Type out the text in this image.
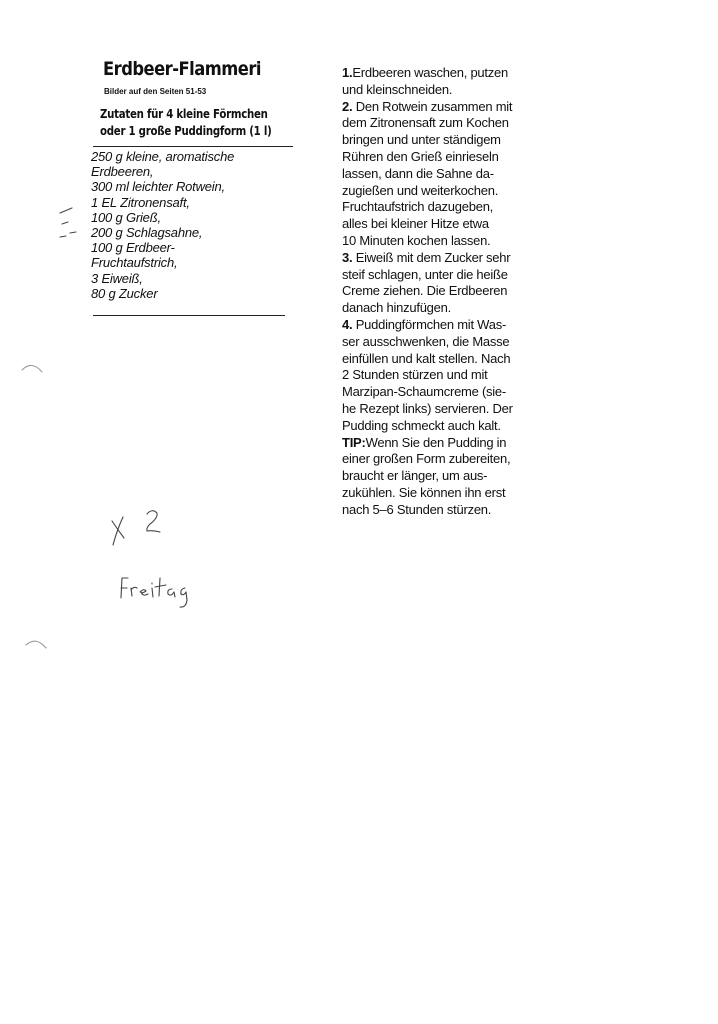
Erdbeer-Flammeri
Bilder auf den Seiten 51-53
Zutaten für 4 kleine Förmchen
oder 1 große Puddingform (1 l)
250 g kleine, aromatische
Erdbeeren,
300 ml leichter Rotwein,
1 EL Zitronensaft,
100 g Grieß,
200 g Schlagsahne,
100 g Erdbeer-
Fruchtaufstrich,
3 Eiweiß,
80 g Zucker
1.Erdbeeren waschen, putzen
und kleinschneiden.
2. Den Rotwein zusammen mit
dem Zitronensaft zum Kochen
bringen und unter ständigem
Rühren den Grieß einrieseln
lassen, dann die Sahne da-
zugießen und weiterkochen.
Fruchtaufstrich dazugeben,
alles bei kleiner Hitze etwa
10 Minuten kochen lassen.
3. Eiweiß mit dem Zucker sehr
steif schlagen, unter die heiße
Creme ziehen. Die Erdbeeren
danach hinzufügen.
4. Puddingförmchen mit Was-
ser ausschwenken, die Masse
einfüllen und kalt stellen. Nach
2 Stunden stürzen und mit
Marzipan-Schaumcreme (sie-
he Rezept links) servieren. Der
Pudding schmeckt auch kalt.
TIP:Wenn Sie den Pudding in
einer großen Form zubereiten,
braucht er länger, um aus-
zukühlen. Sie können ihn erst
nach 5–6 Stunden stürzen.
